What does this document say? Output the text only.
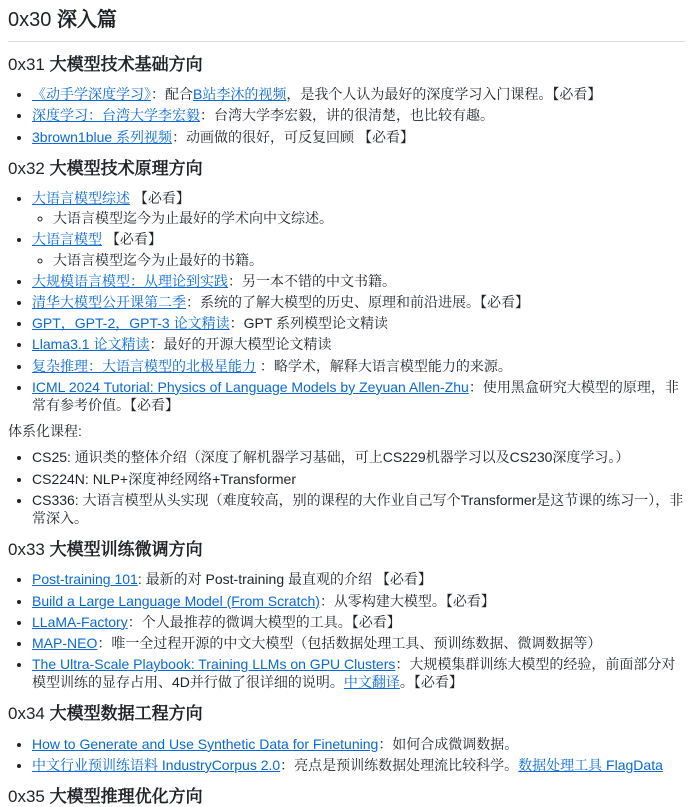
0x30 深入篇
0x31 大模型技术基础方向
• 《动手学深度学习》：配合B站李沐的视频，是我个人认为最好的深度学习入门课程。【必看】
• 深度学习：台湾大学李宏毅：台湾大学李宏毅，讲的很清楚，也比较有趣。
• 3brown1blue 系列视频：动画做的很好，可反复回顾 【必看】
0x32 大模型技术原理方向
• 大语言模型综述 【必看】
◦ 大语言模型迄今为止最好的学术向中文综述。
• 大语言模型 【必看】
◦ 大语言模型迄今为止最好的书籍。
• 大规模语言模型：从理论到实践：另一本不错的中文书籍。
• 清华大模型公开课第二季：系统的了解大模型的历史、原理和前沿进展。【必看】
• GPT，GPT-2，GPT-3 论文精读：GPT 系列模型论文精读
• Llama3.1 论文精读：最好的开源大模型论文精读
• 复杂推理：大语言模型的北极星能力 ：略学术，解释大语言模型能力的来源。
• ICML 2024 Tutorial: Physics of Language Models by Zeyuan Allen-Zhu：使用黑盒研究大模型的原理，非常有参考价值。【必看】

体系化课程:

• CS25: 通识类的整体介绍（深度了解机器学习基础，可上CS229机器学习以及CS230深度学习。）
• CS224N: NLP+深度神经网络+Transformer
• CS336: 大语言模型从头实现（难度较高，别的课程的大作业自己写个Transformer是这节课的练习一），非常深入。
0x33 大模型训练微调方向
• Post-training 101: 最新的对 Post-training 最直观的介绍 【必看】
• Build a Large Language Model (From Scratch)：从零构建大模型。【必看】
• LLaMA-Factory：个人最推荐的微调大模型的工具。【必看】
• MAP-NEO：唯一全过程开源的中文大模型（包括数据处理工具、预训练数据、微调数据等）
• The Ultra-Scale Playbook: Training LLMs on GPU Clusters：大规模集群训练大模型的经验，前面部分对模型训练的显存占用、4D并行做了很详细的说明。中文翻译。【必看】
0x34 大模型数据工程方向
• How to Generate and Use Synthetic Data for Finetuning：如何合成微调数据。
• 中文行业预训练语料 IndustryCorpus 2.0：亮点是预训练数据处理流比较科学。数据处理工具 FlagData
0x35 大模型推理优化方向
